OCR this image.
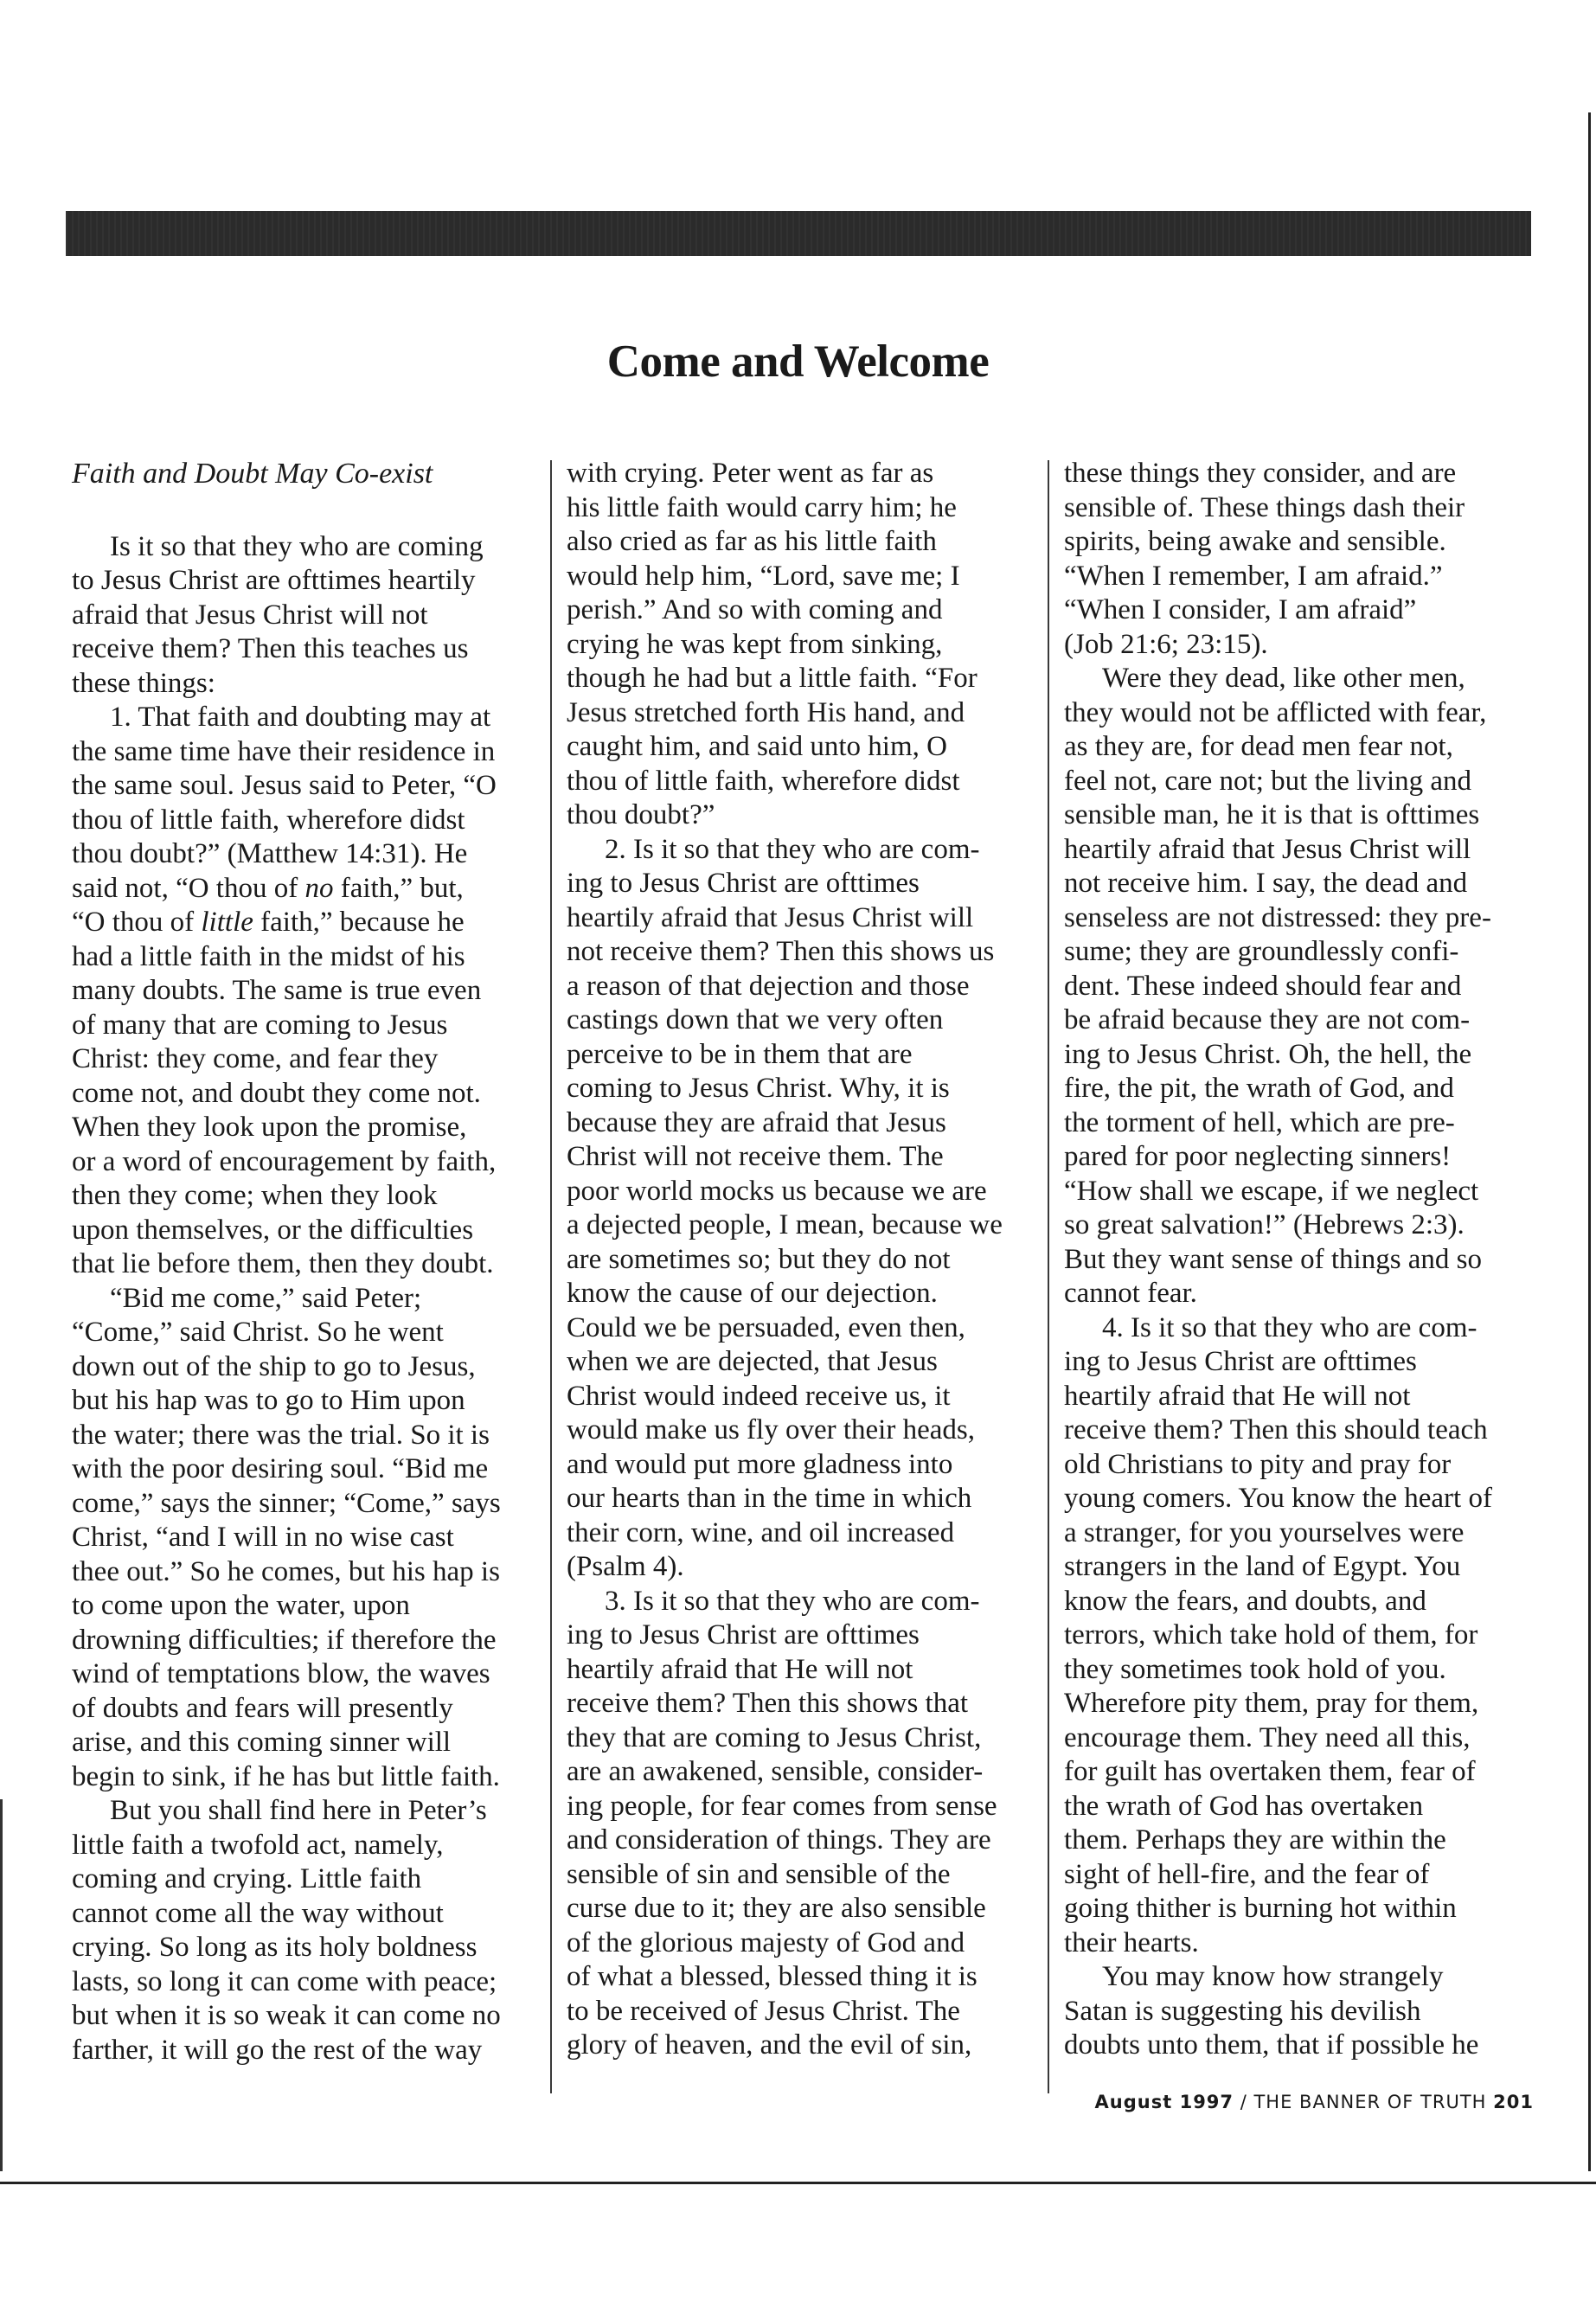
Come and Welcome
Faith and Doubt May Co-exist
Is it so that they who are coming
to Jesus Christ are ofttimes heartily
afraid that Jesus Christ will not
receive them? Then this teaches us
these things:
1. That faith and doubting may at
the same time have their residence in
the same soul. Jesus said to Peter, “O
thou of little faith, wherefore didst
thou doubt?” (Matthew 14:31). He
said not, “O thou of no faith,” but,
“O thou of little faith,” because he
had a little faith in the midst of his
many doubts. The same is true even
of many that are coming to Jesus
Christ: they come, and fear they
come not, and doubt they come not.
When they look upon the promise,
or a word of encouragement by faith,
then they come; when they look
upon themselves, or the difficulties
that lie before them, then they doubt.
“Bid me come,” said Peter;
“Come,” said Christ. So he went
down out of the ship to go to Jesus,
but his hap was to go to Him upon
the water; there was the trial. So it is
with the poor desiring soul. “Bid me
come,” says the sinner; “Come,” says
Christ, “and I will in no wise cast
thee out.” So he comes, but his hap is
to come upon the water, upon
drowning difficulties; if therefore the
wind of temptations blow, the waves
of doubts and fears will presently
arise, and this coming sinner will
begin to sink, if he has but little faith.
But you shall find here in Peter’s
little faith a twofold act, namely,
coming and crying. Little faith
cannot come all the way without
crying. So long as its holy boldness
lasts, so long it can come with peace;
but when it is so weak it can come no
farther, it will go the rest of the way
with crying. Peter went as far as
his little faith would carry him; he
also cried as far as his little faith
would help him, “Lord, save me; I
perish.” And so with coming and
crying he was kept from sinking,
though he had but a little faith. “For
Jesus stretched forth His hand, and
caught him, and said unto him, O
thou of little faith, wherefore didst
thou doubt?”
2. Is it so that they who are com-
ing to Jesus Christ are ofttimes
heartily afraid that Jesus Christ will
not receive them? Then this shows us
a reason of that dejection and those
castings down that we very often
perceive to be in them that are
coming to Jesus Christ. Why, it is
because they are afraid that Jesus
Christ will not receive them. The
poor world mocks us because we are
a dejected people, I mean, because we
are sometimes so; but they do not
know the cause of our dejection.
Could we be persuaded, even then,
when we are dejected, that Jesus
Christ would indeed receive us, it
would make us fly over their heads,
and would put more gladness into
our hearts than in the time in which
their corn, wine, and oil increased
(Psalm 4).
3. Is it so that they who are com-
ing to Jesus Christ are ofttimes
heartily afraid that He will not
receive them? Then this shows that
they that are coming to Jesus Christ,
are an awakened, sensible, consider-
ing people, for fear comes from sense
and consideration of things. They are
sensible of sin and sensible of the
curse due to it; they are also sensible
of the glorious majesty of God and
of what a blessed, blessed thing it is
to be received of Jesus Christ. The
glory of heaven, and the evil of sin,
these things they consider, and are
sensible of. These things dash their
spirits, being awake and sensible.
“When I remember, I am afraid.”
“When I consider, I am afraid”
(Job 21:6; 23:15).
Were they dead, like other men,
they would not be afflicted with fear,
as they are, for dead men fear not,
feel not, care not; but the living and
sensible man, he it is that is ofttimes
heartily afraid that Jesus Christ will
not receive him. I say, the dead and
senseless are not distressed: they pre-
sume; they are groundlessly confi-
dent. These indeed should fear and
be afraid because they are not com-
ing to Jesus Christ. Oh, the hell, the
fire, the pit, the wrath of God, and
the torment of hell, which are pre-
pared for poor neglecting sinners!
“How shall we escape, if we neglect
so great salvation!” (Hebrews 2:3).
But they want sense of things and so
cannot fear.
4. Is it so that they who are com-
ing to Jesus Christ are ofttimes
heartily afraid that He will not
receive them? Then this should teach
old Christians to pity and pray for
young comers. You know the heart of
a stranger, for you yourselves were
strangers in the land of Egypt. You
know the fears, and doubts, and
terrors, which take hold of them, for
they sometimes took hold of you.
Wherefore pity them, pray for them,
encourage them. They need all this,
for guilt has overtaken them, fear of
the wrath of God has overtaken
them. Perhaps they are within the
sight of hell-fire, and the fear of
going thither is burning hot within
their hearts.
You may know how strangely
Satan is suggesting his devilish
doubts unto them, that if possible he
August 1997 / THE BANNER OF TRUTH 201
